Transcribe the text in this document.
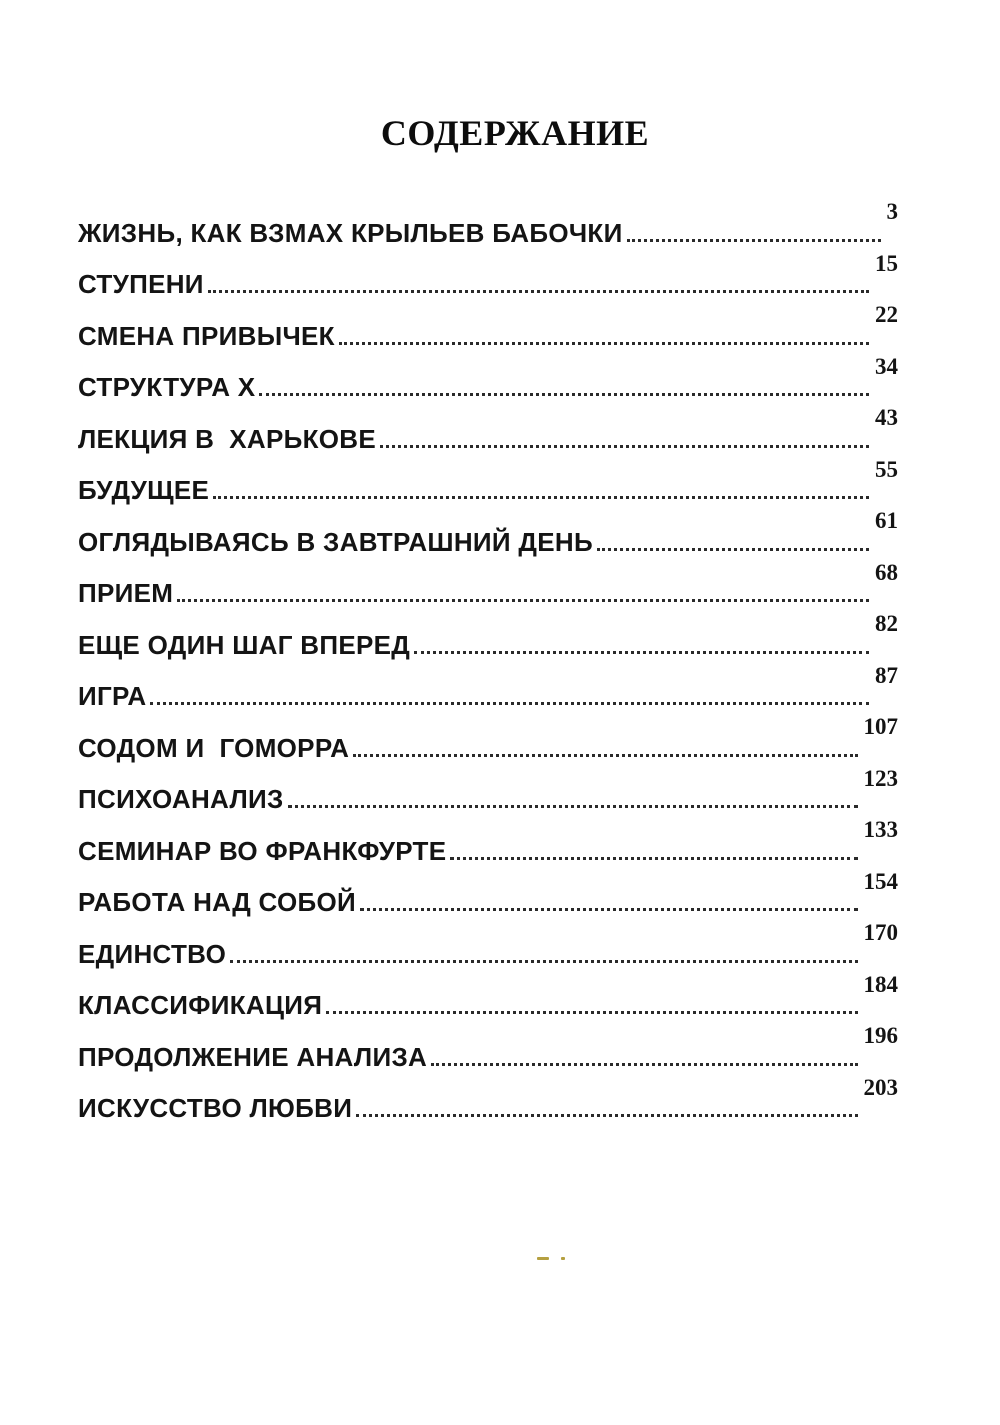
СОДЕРЖАНИЕ
ЖИЗНЬ, КАК ВЗМАХ КРЫЛЬЕВ БАБОЧКИ
3
СТУПЕНИ
15
СМЕНА ПРИВЫЧЕК
22
СТРУКТУРА X
34
ЛЕКЦИЯ В  ХАРЬКОВЕ
43
БУДУЩЕЕ
55
ОГЛЯДЫВАЯСЬ В ЗАВТРАШНИЙ ДЕНЬ
61
ПРИЕМ
68
ЕЩЕ ОДИН ШАГ ВПЕРЕД
82
ИГРА
87
СОДОМ И  ГОМОРРА
107
ПСИХОАНАЛИЗ
123
СЕМИНАР ВО ФРАНКФУРТЕ
133
РАБОТА НАД СОБОЙ
154
ЕДИНСТВО
170
КЛАССИФИКАЦИЯ
184
ПРОДОЛЖЕНИЕ АНАЛИЗА
196
ИСКУССТВО ЛЮБВИ
203
